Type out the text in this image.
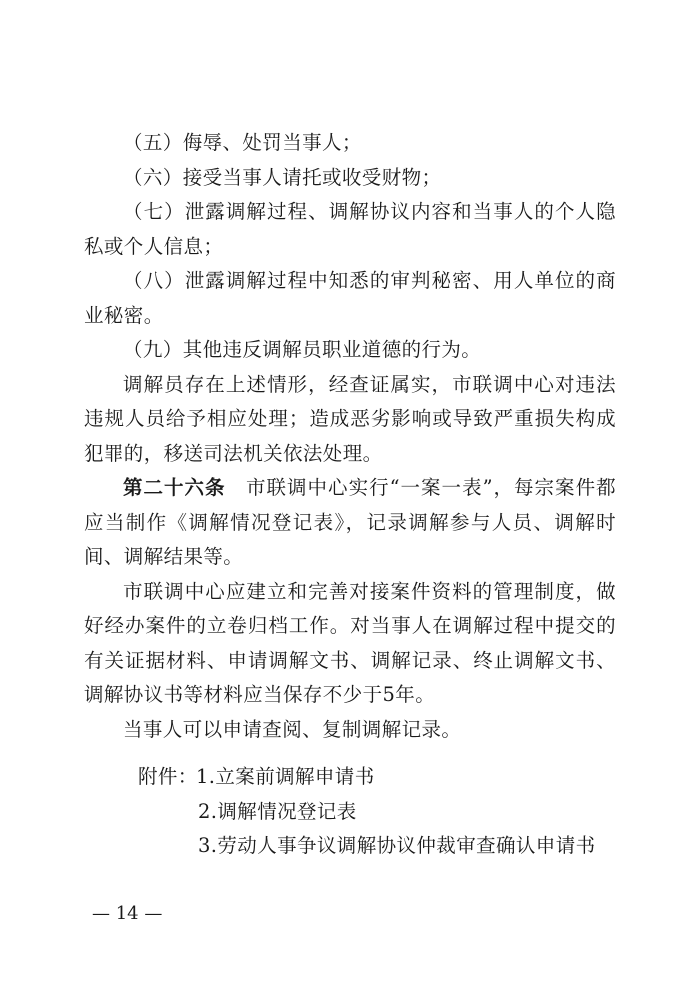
（五）侮辱、处罚当事人；

（六）接受当事人请托或收受财物；

（七）泄露调解过程、调解协议内容和当事人的个人隐私或个人信息；

（八）泄露调解过程中知悉的审判秘密、用人单位的商业秘密。

（九）其他违反调解员职业道德的行为。

调解员存在上述情形，经查证属实，市联调中心对违法违规人员给予相应处理；造成恶劣影响或导致严重损失构成犯罪的，移送司法机关依法处理。

第二十六条　市联调中心实行“一案一表”，每宗案件都应当制作《调解情况登记表》，记录调解参与人员、调解时间、调解结果等。

市联调中心应建立和完善对接案件资料的管理制度，做好经办案件的立卷归档工作。对当事人在调解过程中提交的有关证据材料、申请调解文书、调解记录、终止调解文书、调解协议书等材料应当保存不少于5年。

当事人可以申请查阅、复制调解记录。

附件：
1.立案前调解申请书
2.调解情况登记表
3.劳动人事争议调解协议仲裁审查确认申请书
— 14 —
